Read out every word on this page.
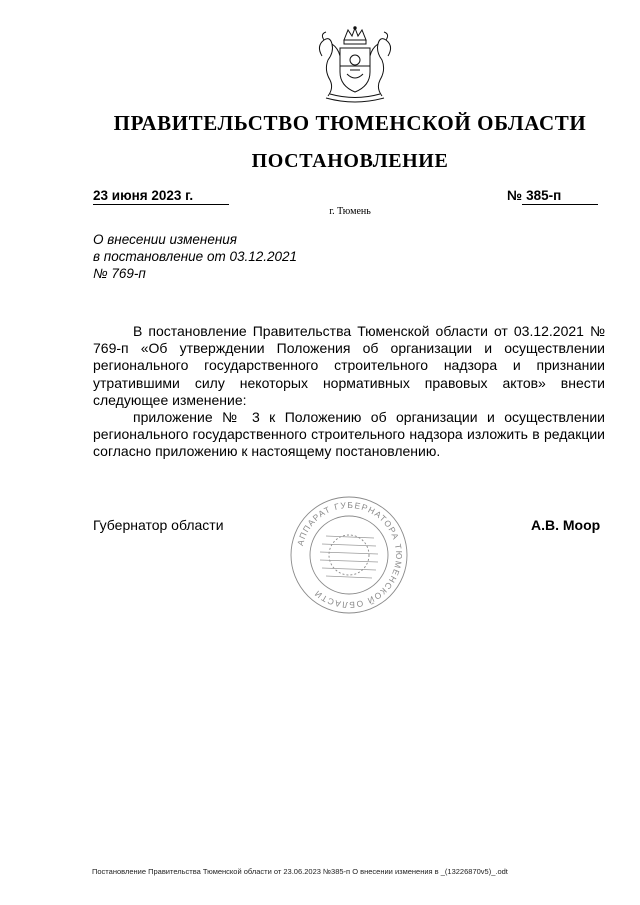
ПРАВИТЕЛЬСТВО ТЮМЕНСКОЙ ОБЛАСТИ
ПОСТАНОВЛЕНИЕ
23 июня 2023 г.	№ 385-п
г. Тюмень
О внесении изменения
в постановление от 03.12.2021
№ 769-п

В постановление Правительства Тюменской области от 03.12.2021 № 769-п «Об утверждении Положения об организации и осуществлении регионального государственного строительного надзора и признании утратившими силу некоторых нормативных правовых актов» внести следующее изменение:

приложение № 3 к Положению об организации и осуществлении регионального государственного строительного надзора изложить в редакции согласно приложению к настоящему постановлению.

Губернатор области
АППАРАТ ГУБЕРНАТОРА ТЮМЕНСКОЙ ОБЛАСТИ
А.В. Моор
Постановление Правительства Тюменской области от 23.06.2023 №385-п О внесении изменения в _(13226870v5)_.odt
